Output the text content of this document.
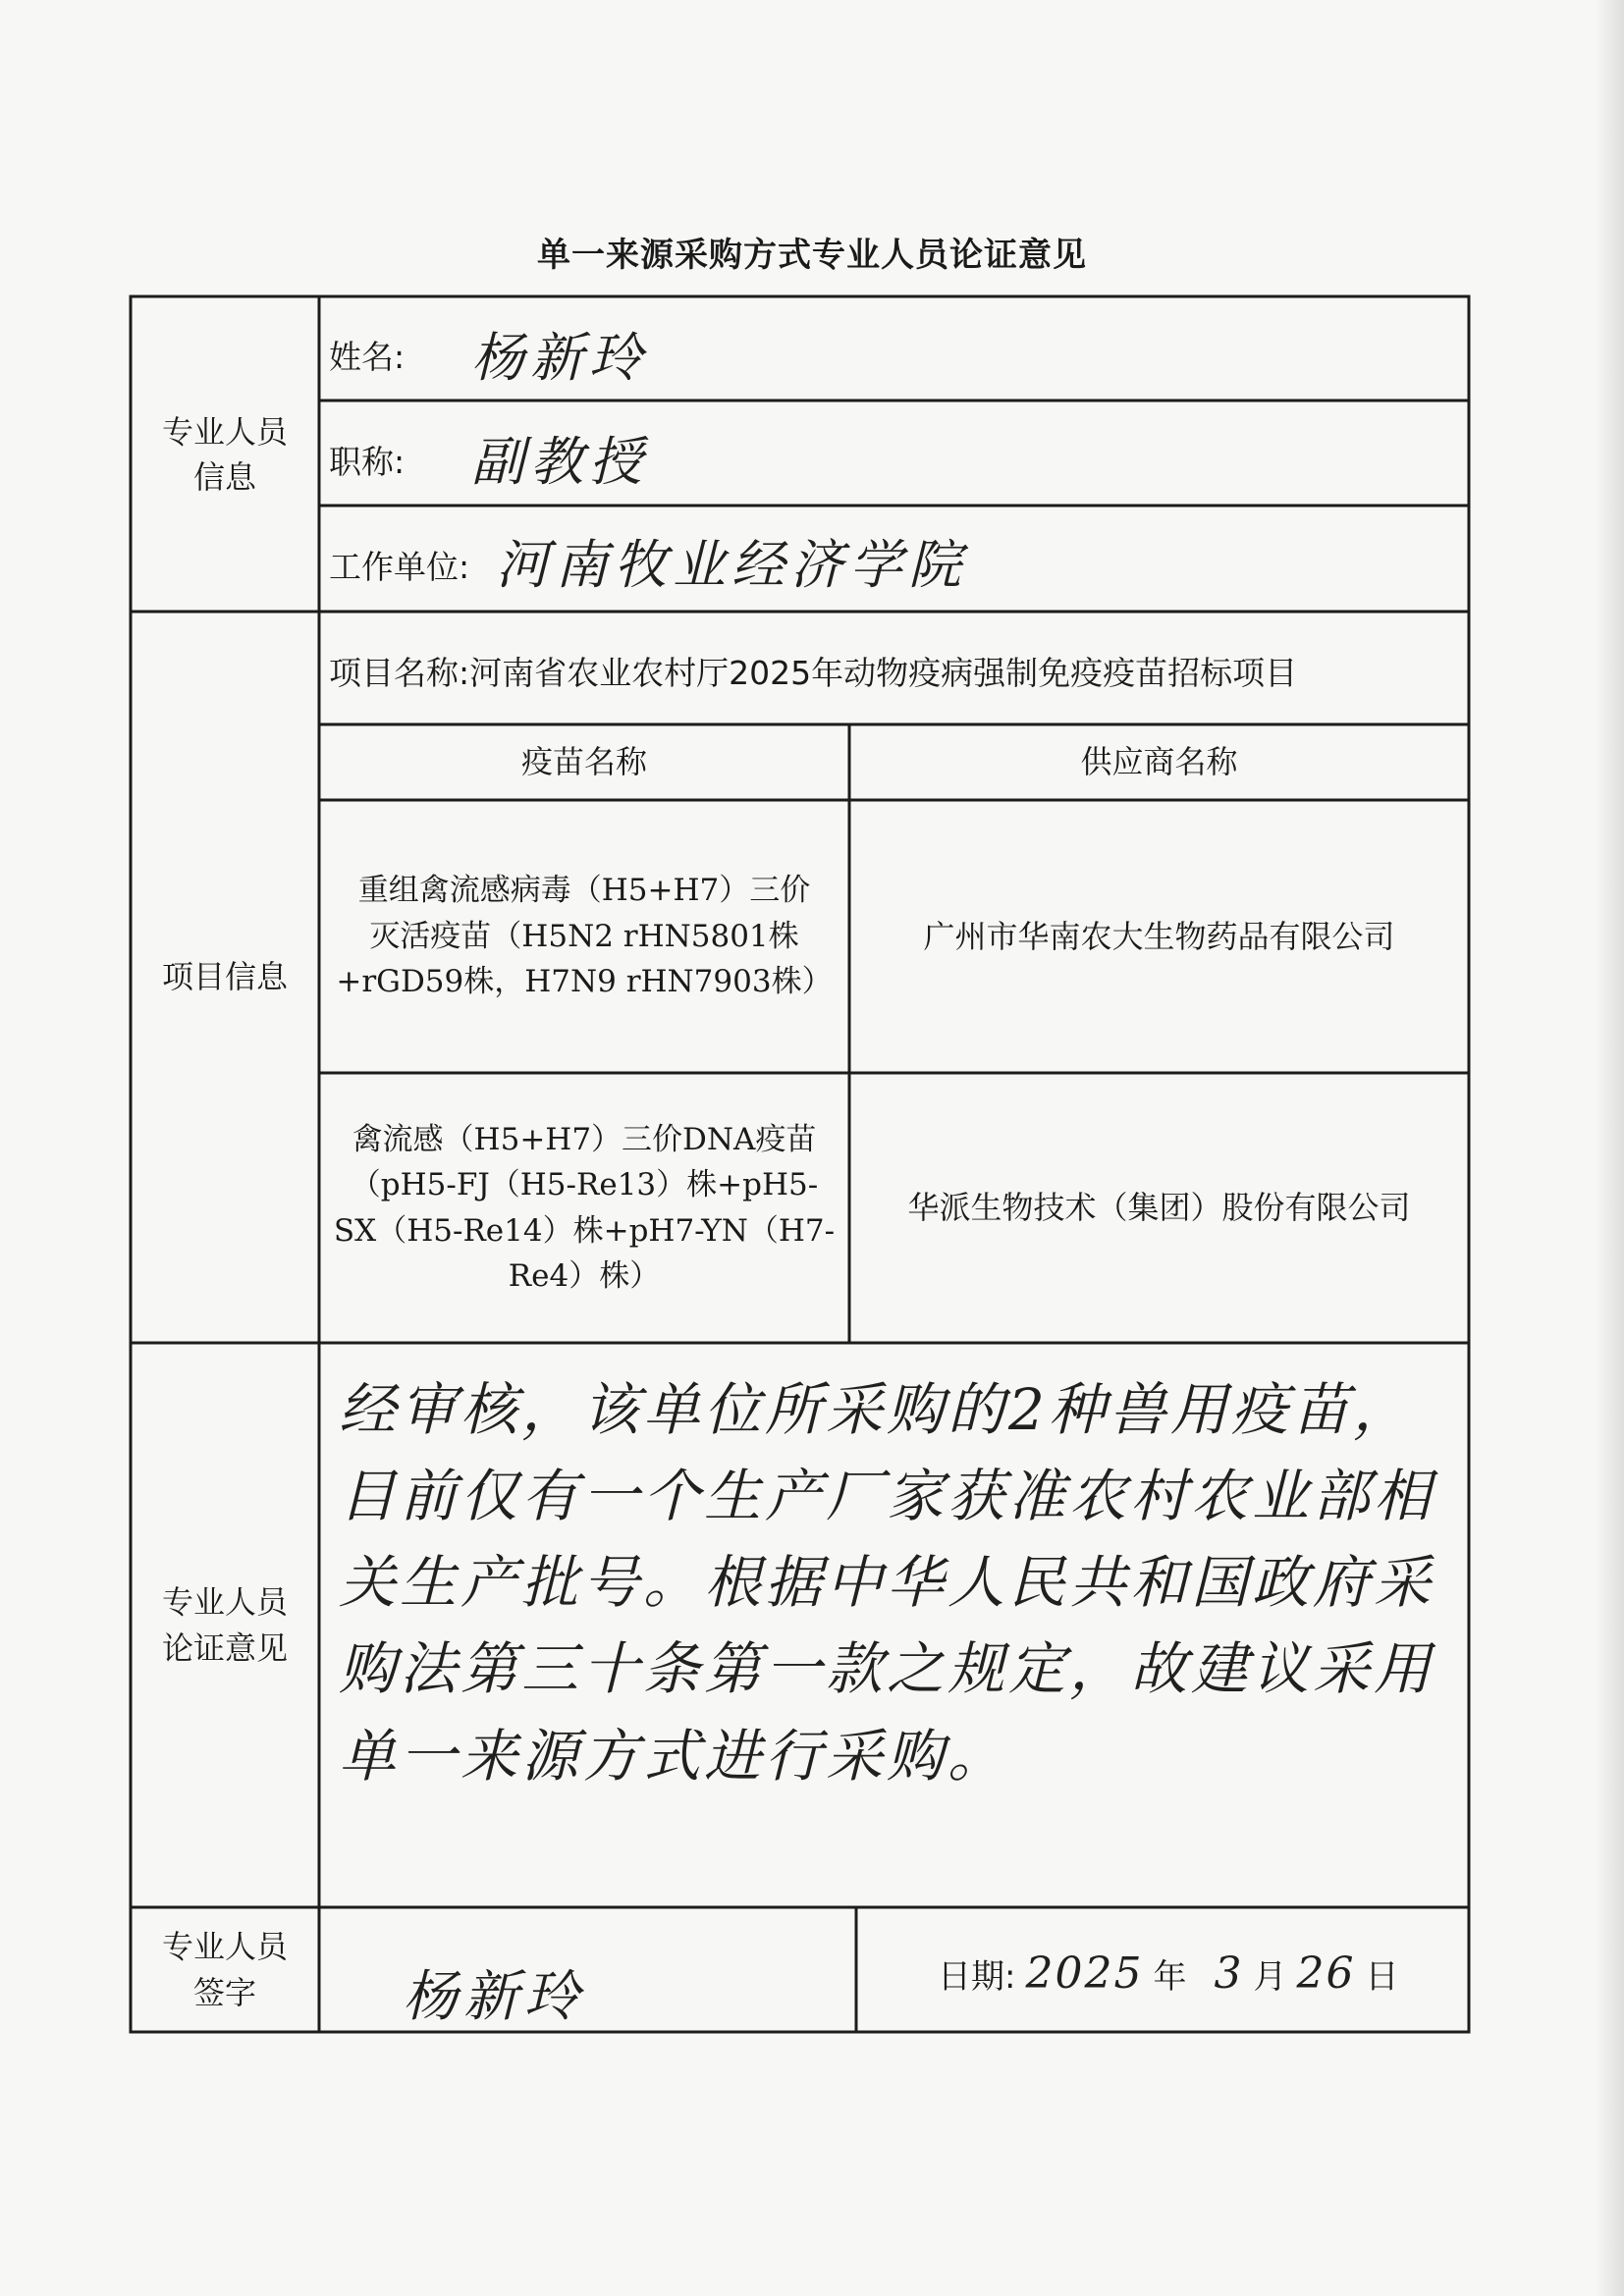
单一来源采购方式专业人员论证意见
专业人员
信息
姓名: 杨新玲
职称: 副教授
工作单位: 河南牧业经济学院
项目信息
项目名称:河南省农业农村厅2025年动物疫病强制免疫疫苗招标项目
疫苗名称	供应商名称
重组禽流感病毒（H5+H7）三价
灭活疫苗（H5N2 rHN5801株
+rGD59株，H7N9 rHN7903株）
广州市华南农大生物药品有限公司
禽流感（H5+H7）三价DNA疫苗
（pH5-FJ（H5-Re13）株+pH5-
SX（H5-Re14）株+pH7-YN（H7-
Re4）株）
华派生物技术（集团）股份有限公司
专业人员
论证意见
经审核，该单位所采购的2种兽用疫苗，目前仅有一个生产厂家获准农村农业部相关生产批号。根据中华人民共和国政府采购法第三十条第一款之规定，故建议采用单一来源方式进行采购。
专业人员
签字	杨新玲	日期: 2025 年 3 月 26 日
